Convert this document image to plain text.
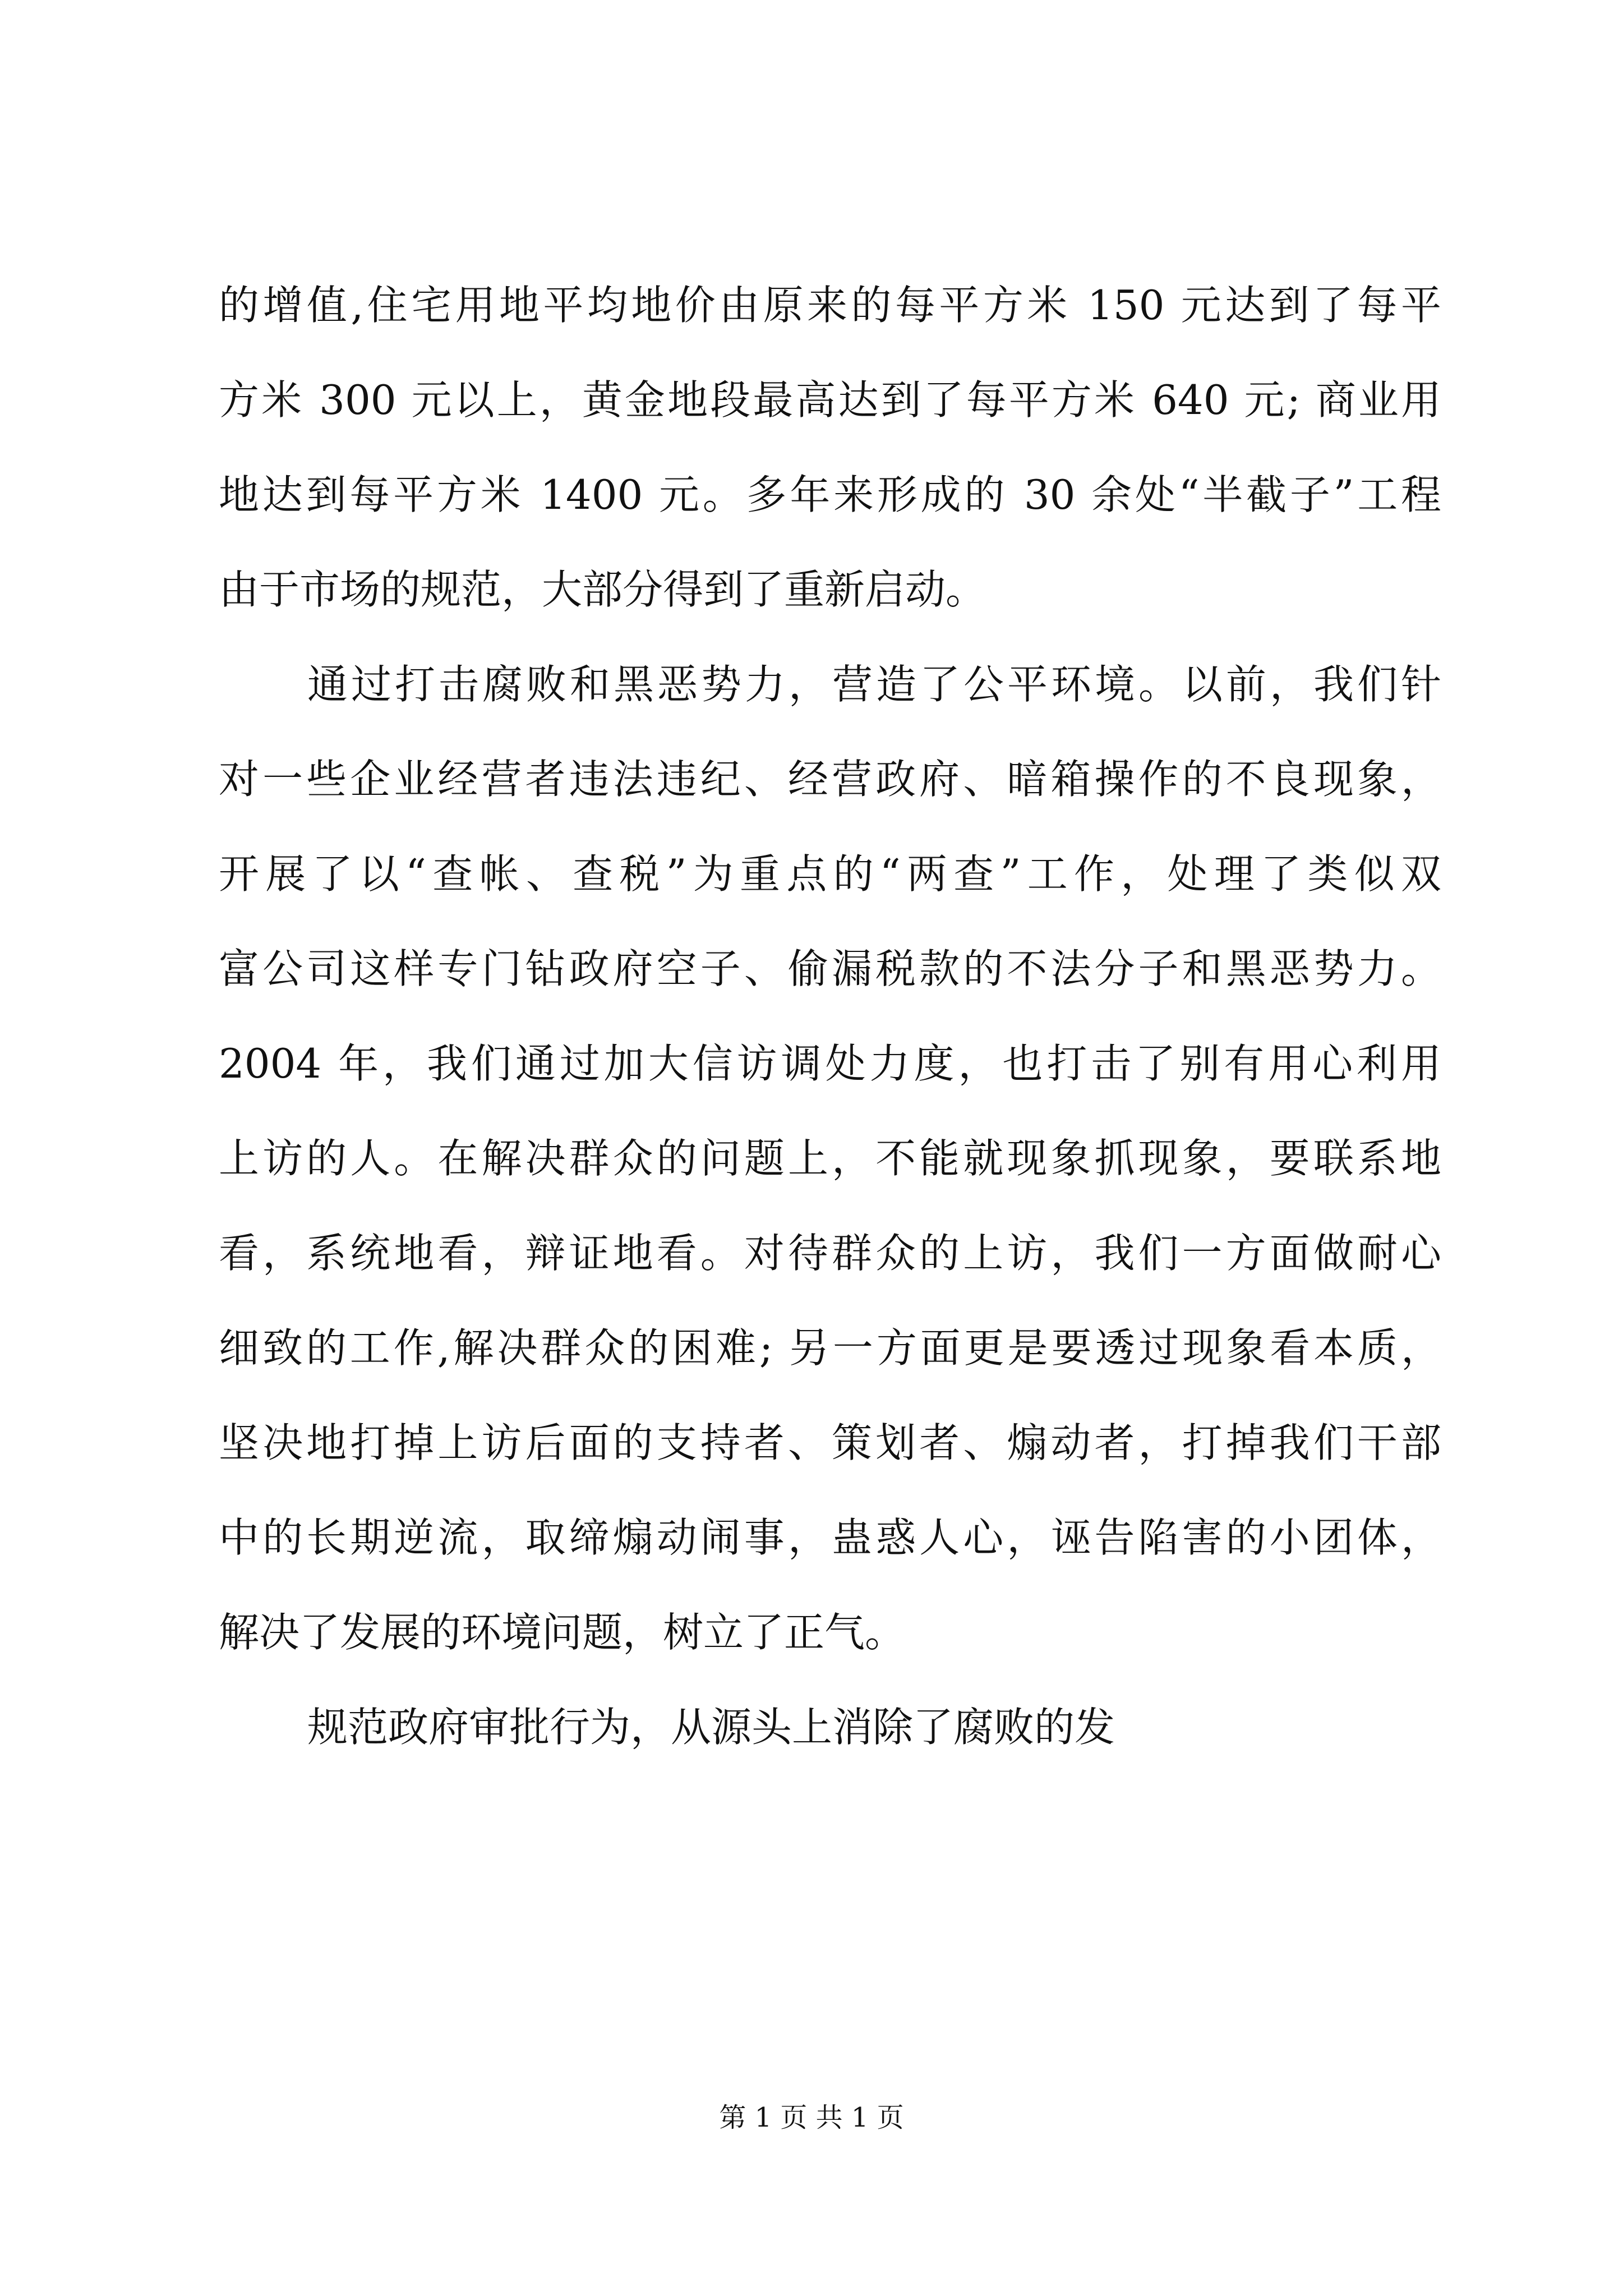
的增值,住宅用地平均地价由原来的每平方米 150 元达到了每平
方米 300 元以上，黄金地段最高达到了每平方米 640 元; 商业用
地达到每平方米 1400 元。多年来形成的 30 余处“半截子”工程
由于市场的规范，大部分得到了重新启动。
通过打击腐败和黑恶势力，营造了公平环境。以前，我们针
对一些企业经营者违法违纪、经营政府、暗箱操作的不良现象，
开展了以“查帐、查税”为重点的“两查”工作，处理了类似双
富公司这样专门钻政府空子、偷漏税款的不法分子和黑恶势力。
2004 年，我们通过加大信访调处力度，也打击了别有用心利用
上访的人。在解决群众的问题上，不能就现象抓现象，要联系地
看，系统地看，辩证地看。对待群众的上访，我们一方面做耐心
细致的工作,解决群众的困难; 另一方面更是要透过现象看本质，
坚决地打掉上访后面的支持者、策划者、煽动者，打掉我们干部
中的长期逆流，取缔煽动闹事，蛊惑人心，诬告陷害的小团体，
解决了发展的环境问题，树立了正气。
规范政府审批行为，从源头上消除了腐败的发
第 1 页 共 1 页
